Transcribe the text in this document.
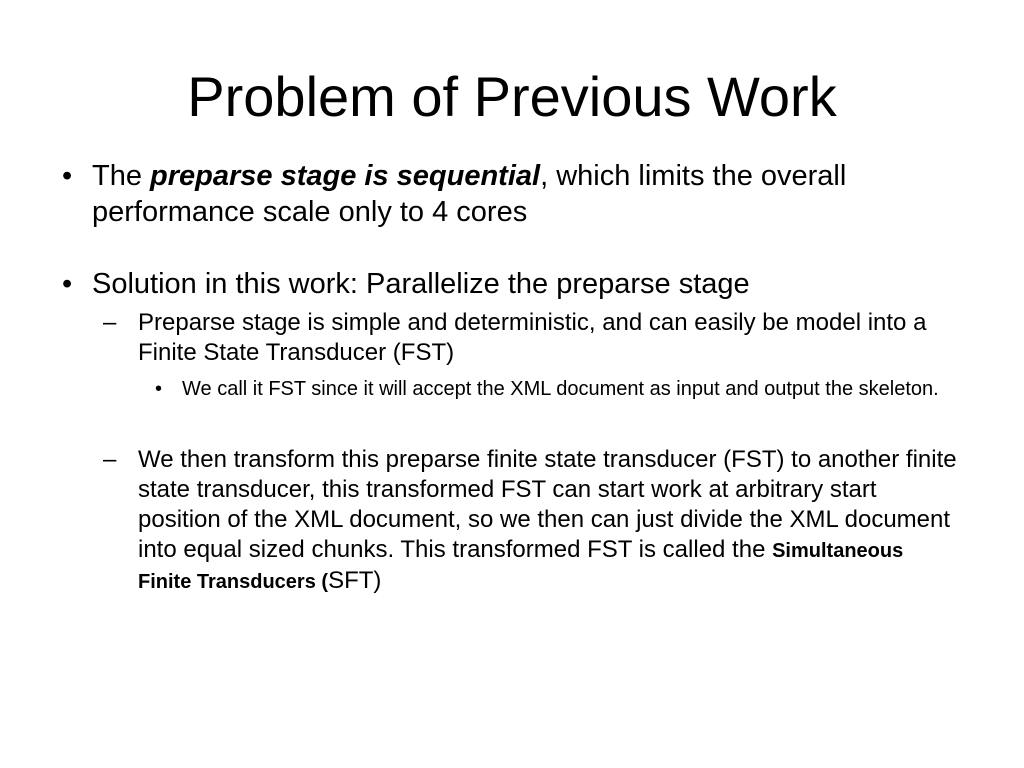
Problem of Previous Work
• The preparse stage is sequential, which limits the overall performance scale only to 4 cores
• Solution in this work: Parallelize the preparse stage
– Preparse stage is simple and deterministic, and can easily be model into a Finite State Transducer (FST)
• We call it FST since it will accept the XML document as input and output the skeleton.
– We then transform this preparse finite state transducer (FST) to another finite state transducer, this transformed FST can start work at arbitrary start position of the XML document, so we then can just divide the XML document into equal sized chunks. This transformed FST is called the Simultaneous Finite Transducers (SFT)
